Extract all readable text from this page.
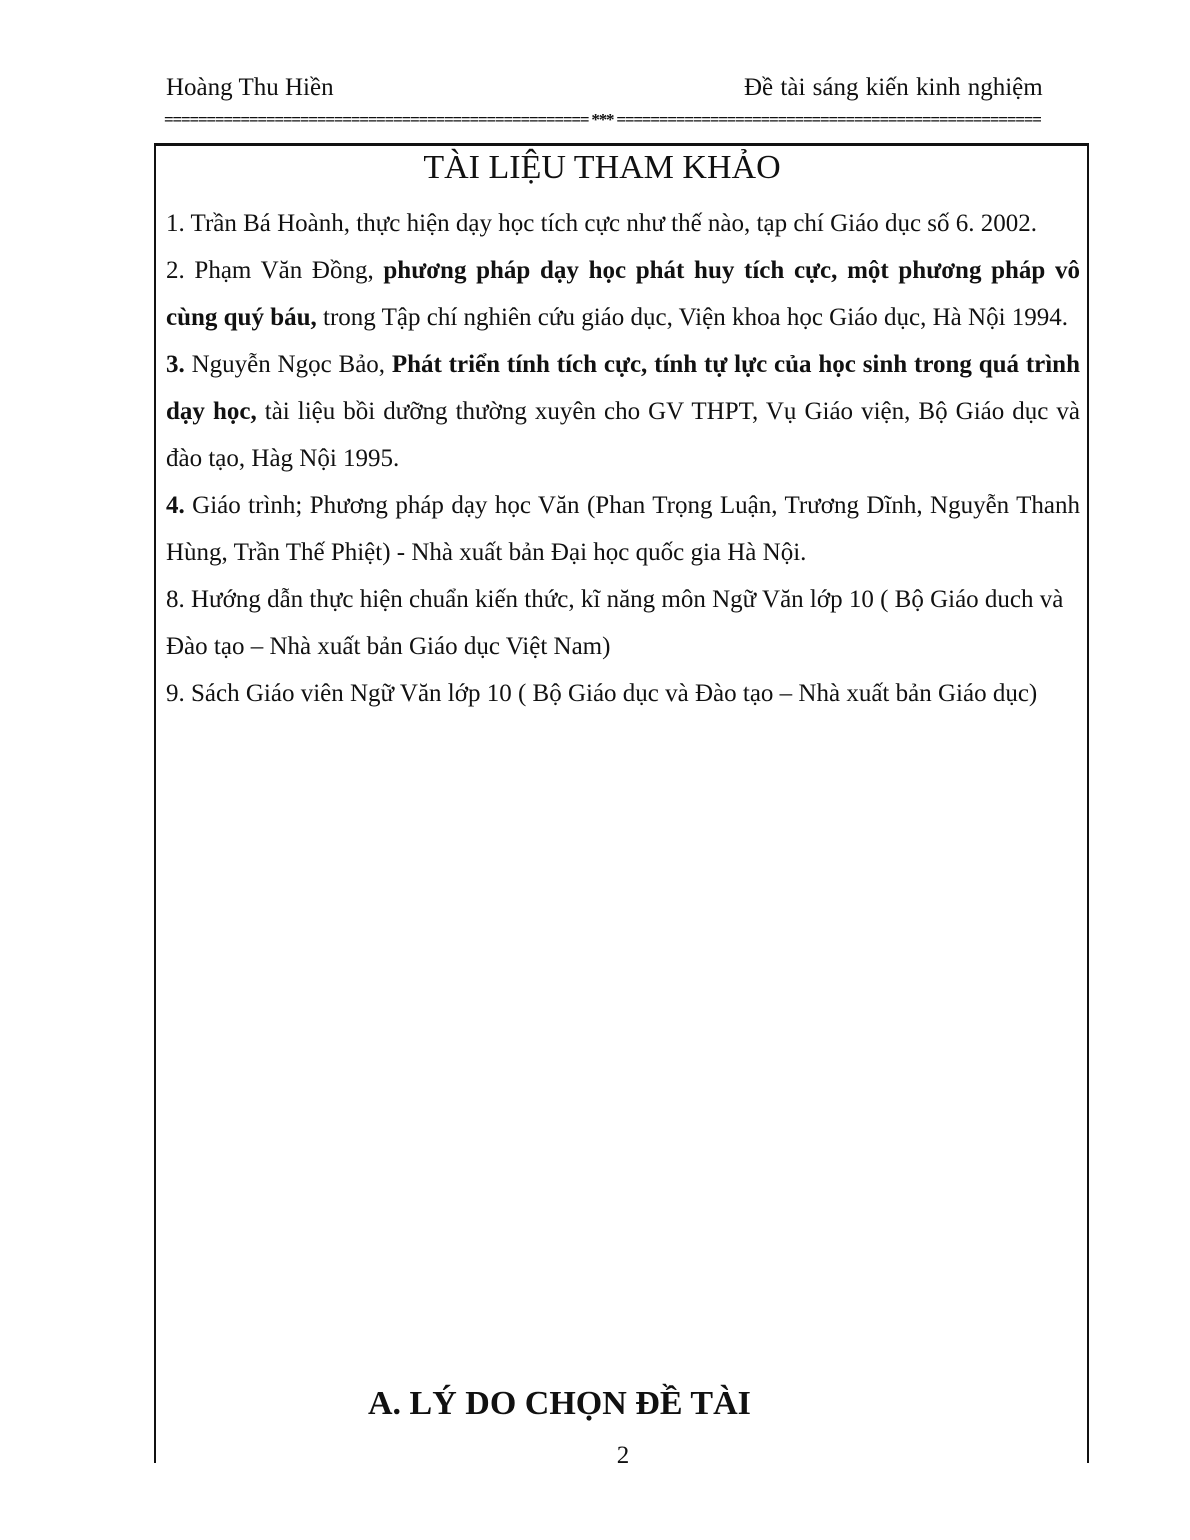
Hoàng Thu Hiền	Đề tài sáng kiến kinh nghiệm
================================================== *** ==================================================
TÀI LIỆU THAM KHẢO

1. Trần Bá Hoành, thực hiện dạy học tích cực như thế nào, tạp chí Giáo dục số 6. 2002.

2. Phạm Văn Đồng, phương pháp dạy học phát huy tích cực, một phương pháp vô cùng quý báu, trong Tập chí nghiên cứu giáo dục, Viện khoa học Giáo dục, Hà Nội 1994.

3. Nguyễn Ngọc Bảo, Phát triển tính tích cực, tính tự lực của học sinh trong quá trình dạy học, tài liệu bồi dưỡng thường xuyên cho GV THPT, Vụ Giáo viện, Bộ Giáo dục và đào tạo, Hàg Nội 1995.

4. Giáo trình; Phương pháp dạy học Văn (Phan Trọng Luận, Trương Dĩnh, Nguyễn Thanh Hùng, Trần Thế Phiệt) - Nhà xuất bản Đại học quốc gia Hà Nội.

8. Hướng dẫn thực hiện chuẩn kiến thức, kĩ năng môn Ngữ Văn lớp 10 ( Bộ Giáo duch và Đào tạo – Nhà xuất bản Giáo dục Việt Nam)

9. Sách Giáo viên Ngữ Văn lớp 10 ( Bộ Giáo dục và Đào tạo – Nhà xuất bản Giáo dục)

A. LÝ DO CHỌN ĐỀ TÀI
2
